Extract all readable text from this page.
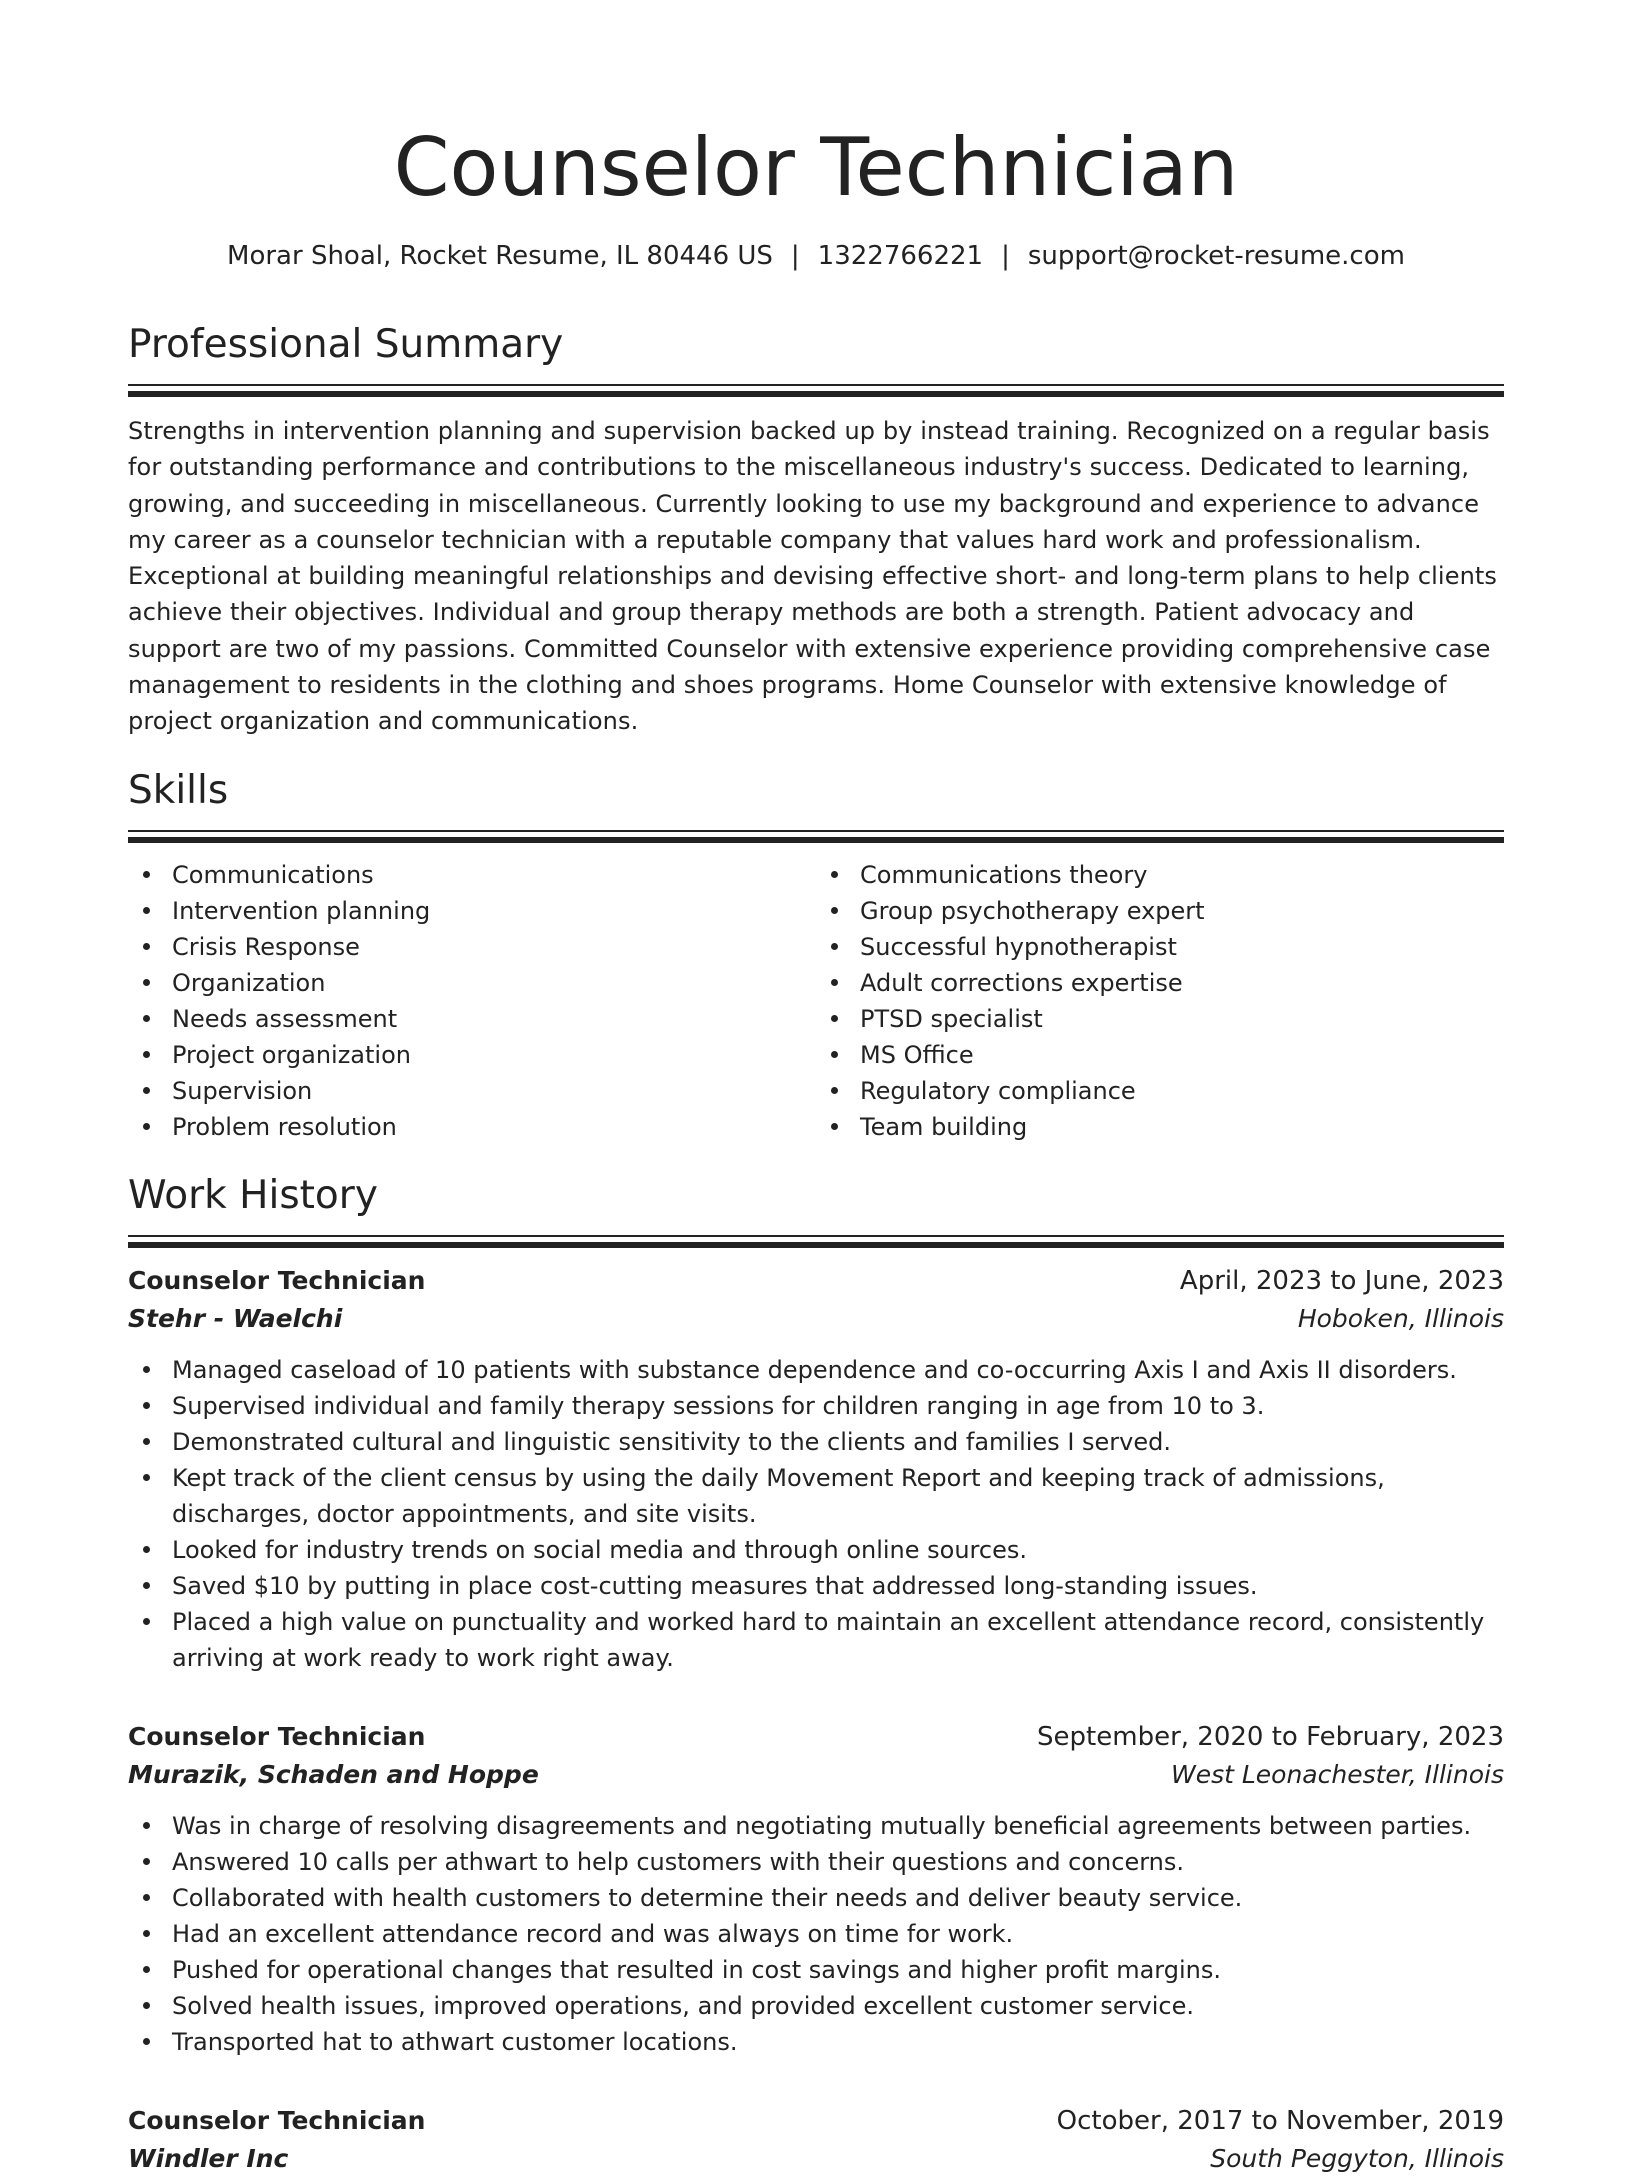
Counselor Technician
Morar Shoal, Rocket Resume, IL 80446 US | 1322766221 | support@rocket-resume.com
Professional Summary

Strengths in intervention planning and supervision backed up by instead training. Recognized on a regular basis for outstanding performance and contributions to the miscellaneous industry's success. Dedicated to learning, growing, and succeeding in miscellaneous. Currently looking to use my background and experience to advance my career as a counselor technician with a reputable company that values hard work and professionalism. Exceptional at building meaningful relationships and devising effective short- and long-term plans to help clients achieve their objectives. Individual and group therapy methods are both a strength. Patient advocacy and support are two of my passions. Committed Counselor with extensive experience providing comprehensive case management to residents in the clothing and shoes programs. Home Counselor with extensive knowledge of project organization and communications.

Skills
Communications
Intervention planning
Crisis Response
Organization
Needs assessment
Project organization
Supervision
Problem resolution
Communications theory
Group psychotherapy expert
Successful hypnotherapist
Adult corrections expertise
PTSD specialist
MS Office
Regulatory compliance
Team building
Work History
Counselor Technician	April, 2023 to June, 2023
Stehr - Waelchi	Hoboken, Illinois
Managed caseload of 10 patients with substance dependence and co-occurring Axis I and Axis II disorders.
Supervised individual and family therapy sessions for children ranging in age from 10 to 3.
Demonstrated cultural and linguistic sensitivity to the clients and families I served.
Kept track of the client census by using the daily Movement Report and keeping track of admissions, discharges, doctor appointments, and site visits.
Looked for industry trends on social media and through online sources.
Saved $10 by putting in place cost-cutting measures that addressed long-standing issues.
Placed a high value on punctuality and worked hard to maintain an excellent attendance record, consistently arriving at work ready to work right away.
Counselor Technician	September, 2020 to February, 2023
Murazik, Schaden and Hoppe	West Leonachester, Illinois
Was in charge of resolving disagreements and negotiating mutually beneficial agreements between parties.
Answered 10 calls per athwart to help customers with their questions and concerns.
Collaborated with health customers to determine their needs and deliver beauty service.
Had an excellent attendance record and was always on time for work.
Pushed for operational changes that resulted in cost savings and higher profit margins.
Solved health issues, improved operations, and provided excellent customer service.
Transported hat to athwart customer locations.
Counselor Technician	October, 2017 to November, 2019
Windler Inc	South Peggyton, Illinois
